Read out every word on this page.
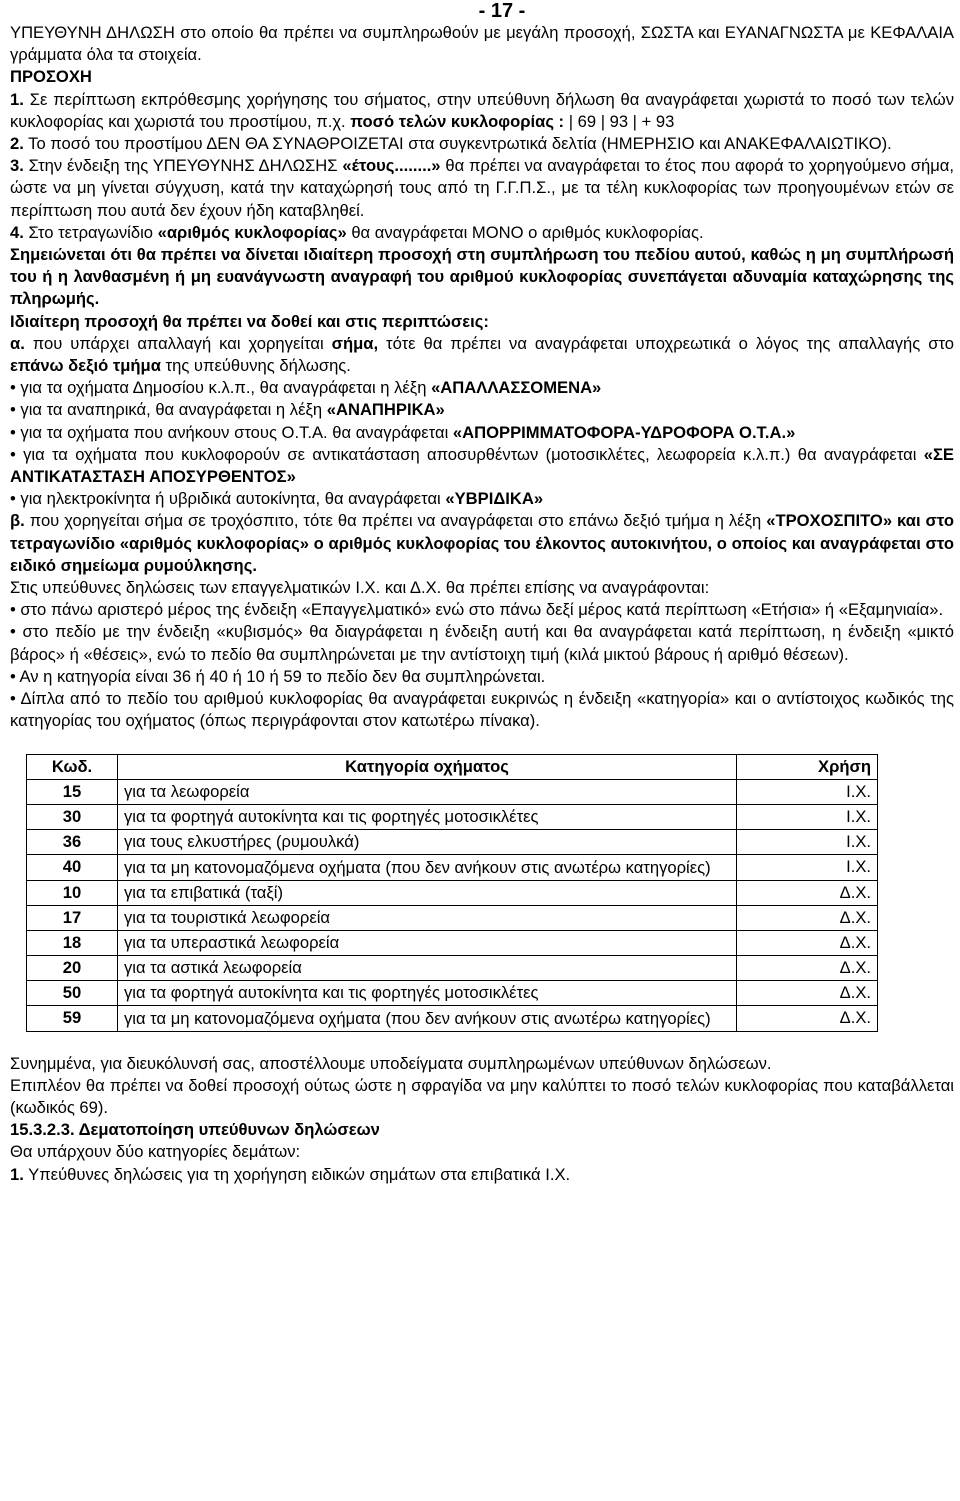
- 17 -

ΥΠΕΥΘΥΝΗ ΔΗΛΩΣΗ στο οποίο θα πρέπει να συμπληρωθούν με μεγάλη προσοχή, ΣΩΣΤΑ και ΕΥΑΝΑΓΝΩΣΤΑ με ΚΕΦΑΛΑΙΑ γράμματα όλα τα στοιχεία.

ΠΡΟΣΟΧΗ

1. Σε περίπτωση εκπρόθεσμης χορήγησης του σήματος, στην υπεύθυνη δήλωση θα αναγράφεται χωριστά το ποσό των τελών κυκλοφορίας και χωριστά του προστίμου, π.χ. ποσό τελών κυκλοφορίας : | 69 | 93 | + 93

2. Το ποσό του προστίμου ΔΕΝ ΘΑ ΣΥΝΑΘΡΟΙΖΕΤΑΙ στα συγκεντρωτικά δελτία (ΗΜΕΡΗΣΙΟ και ΑΝΑΚΕΦΑΛΑΙΩΤΙΚΟ).

3. Στην ένδειξη της ΥΠΕΥΘΥΝΗΣ ΔΗΛΩΣΗΣ «έτους........» θα πρέπει να αναγράφεται το έτος που αφορά το χορηγούμενο σήμα, ώστε να μη γίνεται σύγχυση, κατά την καταχώρησή τους από τη Γ.Γ.Π.Σ., με τα τέλη κυκλοφορίας των προηγουμένων ετών σε περίπτωση που αυτά δεν έχουν ήδη καταβληθεί.

4. Στο τετραγωνίδιο «αριθμός κυκλοφορίας» θα αναγράφεται ΜΟΝΟ ο αριθμός κυκλοφορίας.

Σημειώνεται ότι θα πρέπει να δίνεται ιδιαίτερη προσοχή στη συμπλήρωση του πεδίου αυτού, καθώς η μη συμπλήρωσή του ή η λανθασμένη ή μη ευανάγνωστη αναγραφή του αριθμού κυκλοφορίας συνεπάγεται αδυναμία καταχώρησης της πληρωμής.

Ιδιαίτερη προσοχή θα πρέπει να δοθεί και στις περιπτώσεις:

α. που υπάρχει απαλλαγή και χορηγείται σήμα, τότε θα πρέπει να αναγράφεται υποχρεωτικά ο λόγος της απαλλαγής στο επάνω δεξιό τμήμα της υπεύθυνης δήλωσης.

• για τα οχήματα Δημοσίου κ.λ.π., θα αναγράφεται η λέξη «ΑΠΑΛΛΑΣΣΟΜΕΝΑ»

• για τα αναπηρικά, θα αναγράφεται η λέξη «ΑΝΑΠΗΡΙΚΑ»

• για τα οχήματα που ανήκουν στους Ο.Τ.Α. θα αναγράφεται «ΑΠΟΡΡΙΜΜΑΤΟΦΟΡΑ-ΥΔΡΟΦΟΡΑ Ο.Τ.Α.»

• για τα οχήματα που κυκλοφορούν σε αντικατάσταση αποσυρθέντων (μοτοσικλέτες, λεωφορεία κ.λ.π.) θα αναγράφεται «ΣΕ ΑΝΤΙΚΑΤΑΣΤΑΣΗ ΑΠΟΣΥΡΘΕΝΤΟΣ»

• για ηλεκτροκίνητα ή υβριδικά αυτοκίνητα, θα αναγράφεται «ΥΒΡΙΔΙΚΑ»

β. που χορηγείται σήμα σε τροχόσπιτο, τότε θα πρέπει να αναγράφεται στο επάνω δεξιό τμήμα η λέξη «ΤΡΟΧΟΣΠΙΤΟ» και στο τετραγωνίδιο «αριθμός κυκλοφορίας» ο αριθμός κυκλοφορίας του έλκοντος αυτοκινήτου, ο οποίος και αναγράφεται στο ειδικό σημείωμα ρυμούλκησης.

Στις υπεύθυνες δηλώσεις των επαγγελματικών Ι.Χ. και Δ.Χ. θα πρέπει επίσης να αναγράφονται:

• στο πάνω αριστερό μέρος της ένδειξη «Επαγγελματικό» ενώ στο πάνω δεξί μέρος κατά περίπτωση «Ετήσια» ή «Εξαμηνιαία».

• στο πεδίο με την ένδειξη «κυβισμός» θα διαγράφεται η ένδειξη αυτή και θα αναγράφεται κατά περίπτωση, η ένδειξη «μικτό βάρος» ή «θέσεις», ενώ το πεδίο θα συμπληρώνεται με την αντίστοιχη τιμή (κιλά μικτού βάρους ή αριθμό θέσεων).

• Αν η κατηγορία είναι 36 ή 40 ή 10 ή 59 το πεδίο δεν θα συμπληρώνεται.

• Δίπλα από το πεδίο του αριθμού κυκλοφορίας θα αναγράφεται ευκρινώς η ένδειξη «κατηγορία» και ο αντίστοιχος κωδικός της κατηγορίας του οχήματος (όπως περιγράφονται στον κατωτέρω πίνακα).

Κωδ.	Κατηγορία οχήματος	Χρήση
15	για τα λεωφορεία	Ι.Χ.
30	για τα φορτηγά αυτοκίνητα και τις φορτηγές μοτοσικλέτες	Ι.Χ.
36	για τους ελκυστήρες (ρυμουλκά)	Ι.Χ.
40	για τα μη κατονομαζόμενα οχήματα (που δεν ανήκουν στις ανωτέρω κατηγορίες)	Ι.Χ.
10	για τα επιβατικά (ταξί)	Δ.Χ.
17	για τα τουριστικά λεωφορεία	Δ.Χ.
18	για τα υπεραστικά λεωφορεία	Δ.Χ.
20	για τα αστικά λεωφορεία	Δ.Χ.
50	για τα φορτηγά αυτοκίνητα και τις φορτηγές μοτοσικλέτες	Δ.Χ.
59	για τα μη κατονομαζόμενα οχήματα (που δεν ανήκουν στις ανωτέρω κατηγορίες)	Δ.Χ.

Συνημμένα, για διευκόλυνσή σας, αποστέλλουμε υποδείγματα συμπληρωμένων υπεύθυνων δηλώσεων.

Επιπλέον θα πρέπει να δοθεί προσοχή ούτως ώστε η σφραγίδα να μην καλύπτει το ποσό τελών κυκλοφορίας που καταβάλλεται (κωδικός 69).

15.3.2.3. Δεματοποίηση υπεύθυνων δηλώσεων

Θα υπάρχουν δύο κατηγορίες δεμάτων:

1. Υπεύθυνες δηλώσεις για τη χορήγηση ειδικών σημάτων στα επιβατικά Ι.Χ.
